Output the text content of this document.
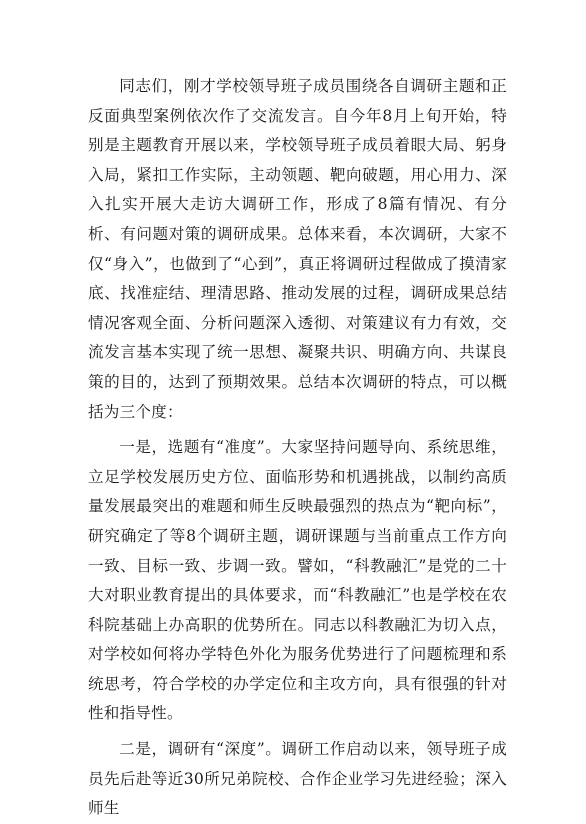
同志们，刚才学校领导班子成员围绕各自调研主题和正反面典型案例依次作了交流发言。自今年8月上旬开始，特别是主题教育开展以来，学校领导班子成员着眼大局、躬身入局，紧扣工作实际，主动领题、靶向破题，用心用力、深入扎实开展大走访大调研工作，形成了8篇有情况、有分析、有问题对策的调研成果。总体来看，本次调研，大家不仅“身入”，也做到了“心到”，真正将调研过程做成了摸清家底、找准症结、理清思路、推动发展的过程，调研成果总结情况客观全面、分析问题深入透彻、对策建议有力有效，交流发言基本实现了统一思想、凝聚共识、明确方向、共谋良策的目的，达到了预期效果。总结本次调研的特点，可以概括为三个度：

一是，选题有“准度”。大家坚持问题导向、系统思维，立足学校发展历史方位、面临形势和机遇挑战，以制约高质量发展最突出的难题和师生反映最强烈的热点为“靶向标”，研究确定了等8个调研主题，调研课题与当前重点工作方向一致、目标一致、步调一致。譬如，“科教融汇”是党的二十大对职业教育提出的具体要求，而“科教融汇”也是学校在农科院基础上办高职的优势所在。同志以科教融汇为切入点，对学校如何将办学特色外化为服务优势进行了问题梳理和系统思考，符合学校的办学定位和主攻方向，具有很强的针对性和指导性。

二是，调研有“深度”。调研工作启动以来，领导班子成员先后赴等近30所兄弟院校、合作企业学习先进经验；深入师生
